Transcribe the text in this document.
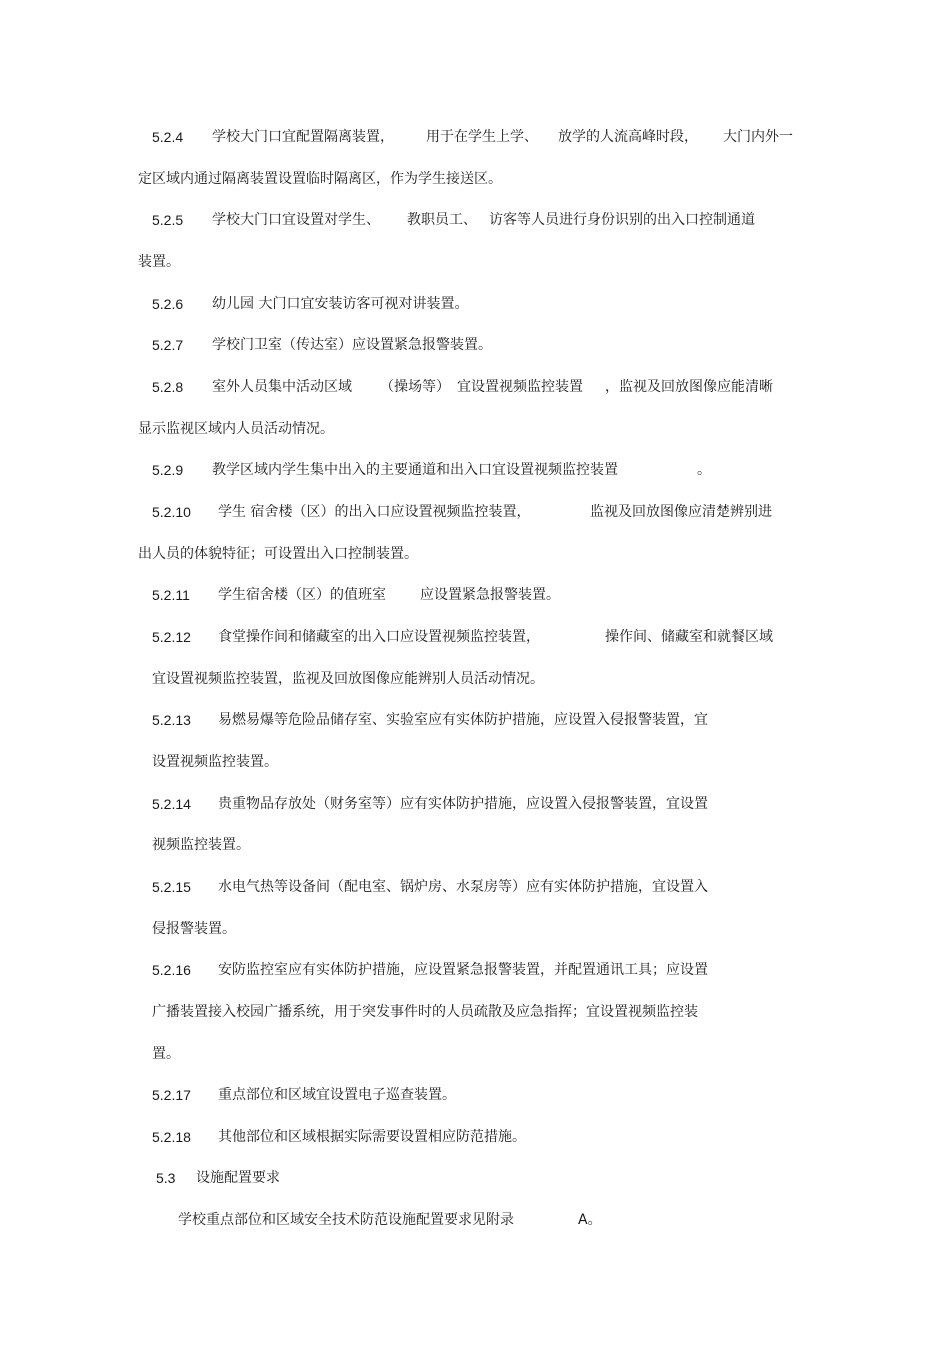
5.2.4 学校大门口宜配置隔离装置， 用于在学生上学、 放学的人流高峰时段， 大门内外一
定区域内通过隔离装置设置临时隔离区，作为学生接送区。
5.2.5 学校大门口宜设置对学生、 教职员工、 访客等人员进行身份识别的出入口控制通道
装置。
5.2.6 幼儿园 大门口宜安装访客可视对讲装置。
5.2.7 学校门卫室（传达室）应设置紧急报警装置。
5.2.8 室外人员集中活动区域 （操场等） 宜设置视频监控装置 ，监视及回放图像应能清晰
显示监视区域内人员活动情况。
5.2.9 教学区域内学生集中出入的主要通道和出入口宜设置视频监控装置	。
5.2.10 学生 宿舍楼（区）的出入口应设置视频监控装置，	监视及回放图像应清楚辨别进
出人员的体貌特征；可设置出入口控制装置。
5.2.11 学生宿舍楼（区）的值班室 应设置紧急报警装置。
5.2.12 食堂操作间和储藏室的出入口应设置视频监控装置，	操作间、储藏室和就餐区域
宜设置视频监控装置，监视及回放图像应能辨别人员活动情况。
5.2.13 易燃易爆等危险品储存室、实验室应有实体防护措施，应设置入侵报警装置，宜
设置视频监控装置。
5.2.14 贵重物品存放处（财务室等）应有实体防护措施，应设置入侵报警装置，宜设置
视频监控装置。
5.2.15 水电气热等设备间（配电室、锅炉房、水泵房等）应有实体防护措施，宜设置入
侵报警装置。
5.2.16 安防监控室应有实体防护措施，应设置紧急报警装置，并配置通讯工具；应设置
广播装置接入校园广播系统，用于突发事件时的人员疏散及应急指挥；宜设置视频监控装
置。
5.2.17 重点部位和区域宜设置电子巡查装置。
5.2.18 其他部位和区域根据实际需要设置相应防范措施。
5.3 设施配置要求
学校重点部位和区域安全技术防范设施配置要求见附录	A。
